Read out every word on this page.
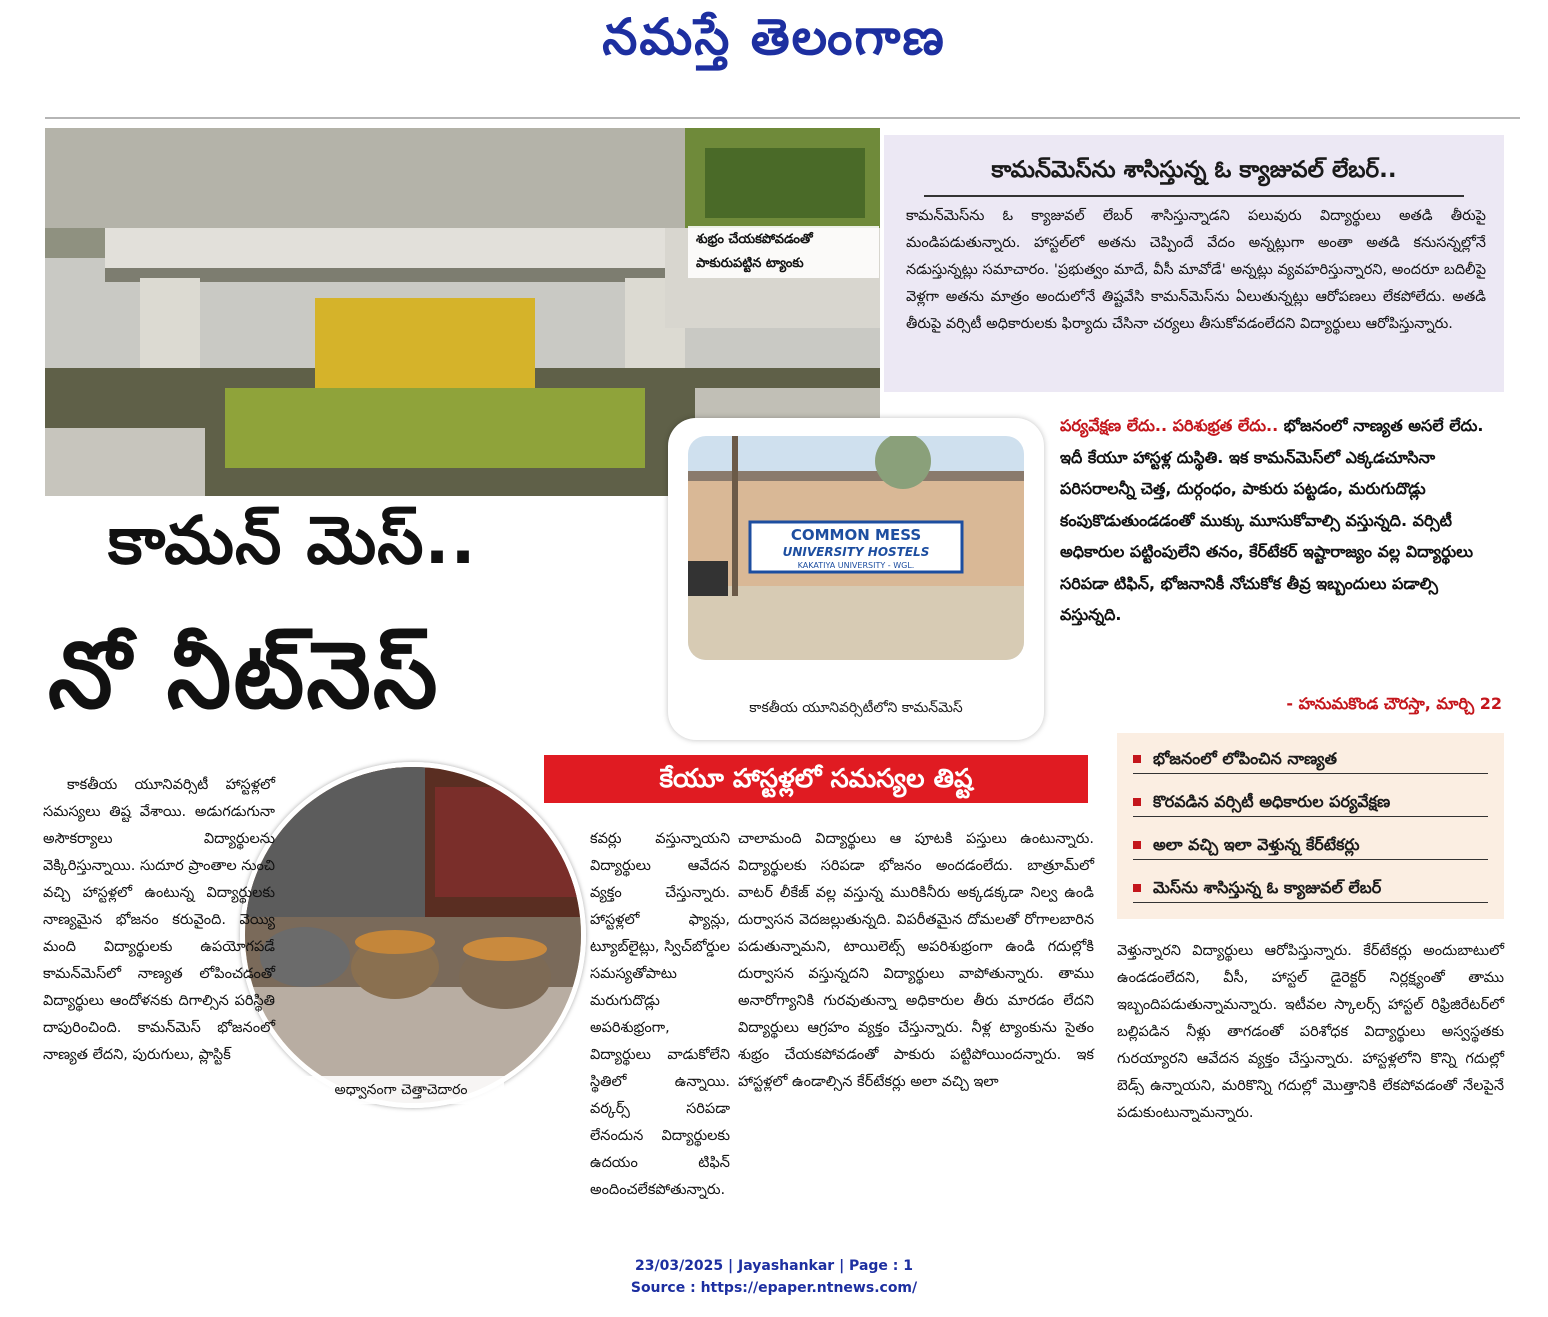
నమస్తే తెలంగాణ
శుభ్రం చేయకపోవడంతో
పాకురుపట్టిన ట్యాంకు
కామన్‌మెస్‌ను శాసిస్తున్న ఓ క్యాజువల్ లేబర్..
కామన్‌మెస్‌ను ఓ క్యాజువల్ లేబర్ శాసిస్తున్నాడని పలువురు విద్యార్థులు అతడి తీరుపై మండిపడుతున్నారు. హాస్టల్‌లో అతను చెప్పిందే వేదం అన్నట్లుగా అంతా అతడి కనుసన్నల్లోనే నడుస్తున్నట్లు సమాచారం. 'ప్రభుత్వం మాదే, వీసీ మావోడే' అన్నట్లు వ్యవహరిస్తున్నారని, అందరూ బదిలీపై వెళ్లగా అతను మాత్రం అందులోనే తిష్టవేసి కామన్‌మెస్‌ను ఏలుతున్నట్లు ఆరోపణలు లేకపోలేదు. అతడి తీరుపై వర్సిటీ అధికారులకు ఫిర్యాదు చేసినా చర్యలు తీసుకోవడంలేదని విద్యార్థులు ఆరోపిస్తున్నారు.
COMMON MESS
UNIVERSITY HOSTELS
KAKATIYA UNIVERSITY - WGL.
కాకతీయ యూనివర్సిటీలోని కామన్‌మెస్
పర్యవేక్షణ లేదు.. పరిశుభ్రత లేదు.. భోజనంలో నాణ్యత అసలే లేదు. ఇదీ కేయూ హాస్టళ్ల దుస్థితి. ఇక కామన్‌మెస్‌లో ఎక్కడచూసినా పరిసరాలన్నీ చెత్త, దుర్గంధం, పాకురు పట్టడం, మరుగుదొడ్లు కంపుకొడుతుండడంతో ముక్కు మూసుకోవాల్సి వస్తున్నది. వర్సిటీ అధికారుల పట్టింపులేని తనం, కేర్‌టేకర్ ఇష్టారాజ్యం వల్ల విద్యార్థులు సరిపడా టిఫిన్, భోజనానికీ నోచుకోక తీవ్ర ఇబ్బందులు పడాల్సి వస్తున్నది.
- హనుమకొండ చౌరస్తా, మార్చి 22
కామన్ మెస్..
నో నీట్‌నెస్
కేయూ హాస్టళ్లలో సమస్యల తిష్ట
భోజనంలో లోపించిన నాణ్యత
కొరవడిన వర్సిటీ అధికారుల పర్యవేక్షణ
అలా వచ్చి ఇలా వెళ్తున్న కేర్‌టేకర్లు
మెస్‌ను శాసిస్తున్న ఓ క్యాజువల్ లేబర్
అధ్వానంగా చెత్తాచెదారం
కాకతీయ యూనివర్సిటీ హాస్టళ్లలో సమస్యలు తిష్ట వేశాయి. అడుగడుగునా అసౌకర్యాలు విద్యార్థులను వెక్కిరిస్తున్నాయి. సుదూర ప్రాంతాల నుంచి వచ్చి హాస్టళ్లలో ఉంటున్న విద్యార్థులకు నాణ్యమైన భోజనం కరువైంది. వెయ్యి మంది విద్యార్థులకు ఉపయోగపడే కామన్‌మెస్‌లో నాణ్యత లోపించడంతో విద్యార్థులు ఆందోళనకు దిగాల్సిన పరిస్థితి దాపురించింది. కామన్‌మెస్ భోజనంలో నాణ్యత లేదని, పురుగులు, ప్లాస్టిక్
కవర్లు వస్తున్నాయని విద్యార్థులు ఆవేదన వ్యక్తం చేస్తున్నారు. హాస్టళ్లలో ఫ్యాన్లు, ట్యూబ్‌లైట్లు, స్విచ్‌బోర్డుల సమస్యతోపాటు మరుగుదొడ్లు అపరిశుభ్రంగా, విద్యార్థులు వాడుకోలేని స్థితిలో ఉన్నాయి. వర్కర్స్ సరిపడా లేనందున విద్యార్థులకు ఉదయం టిఫిన్ అందించలేకపోతున్నారు.
చాలామంది విద్యార్థులు ఆ పూటకి పస్తులు ఉంటున్నారు. విద్యార్థులకు సరిపడా భోజనం అందడంలేదు. బాత్రూమ్‌లో వాటర్ లీకేజ్ వల్ల వస్తున్న మురికినీరు అక్కడక్కడా నిల్వ ఉండి దుర్వాసన వెదజల్లుతున్నది. విపరీతమైన దోమలతో రోగాలబారిన పడుతున్నామని, టాయిలెట్స్ అపరిశుభ్రంగా ఉండి గదుల్లోకి దుర్వాసన వస్తున్నదని విద్యార్థులు వాపోతున్నారు. తాము అనారోగ్యానికి గురవుతున్నా అధికారుల తీరు మారడం లేదని విద్యార్థులు ఆగ్రహం వ్యక్తం చేస్తున్నారు. నీళ్ల ట్యాంకును సైతం శుభ్రం చేయకపోవడంతో పాకురు పట్టిపోయిందన్నారు. ఇక హాస్టళ్లలో ఉండాల్సిన కేర్‌టేకర్లు అలా వచ్చి ఇలా
వెళ్తున్నారని విద్యార్థులు ఆరోపిస్తున్నారు. కేర్‌టేకర్లు అందుబాటులో ఉండడంలేదని, వీసీ, హాస్టల్ డైరెక్టర్ నిర్లక్ష్యంతో తాము ఇబ్బందిపడుతున్నామన్నారు. ఇటీవల స్కాలర్స్ హాస్టల్ రిఫ్రిజిరేటర్‌లో బల్లిపడిన నీళ్లు తాగడంతో పరిశోధక విద్యార్థులు అస్వస్థతకు గురయ్యారని ఆవేదన వ్యక్తం చేస్తున్నారు. హాస్టళ్లలోని కొన్ని గదుల్లో బెడ్స్ ఉన్నాయని, మరికొన్ని గదుల్లో మొత్తానికి లేకపోవడంతో నేలపైనే పడుకుంటున్నామన్నారు.
23/03/2025 | Jayashankar | Page : 1
Source : https://epaper.ntnews.com/
